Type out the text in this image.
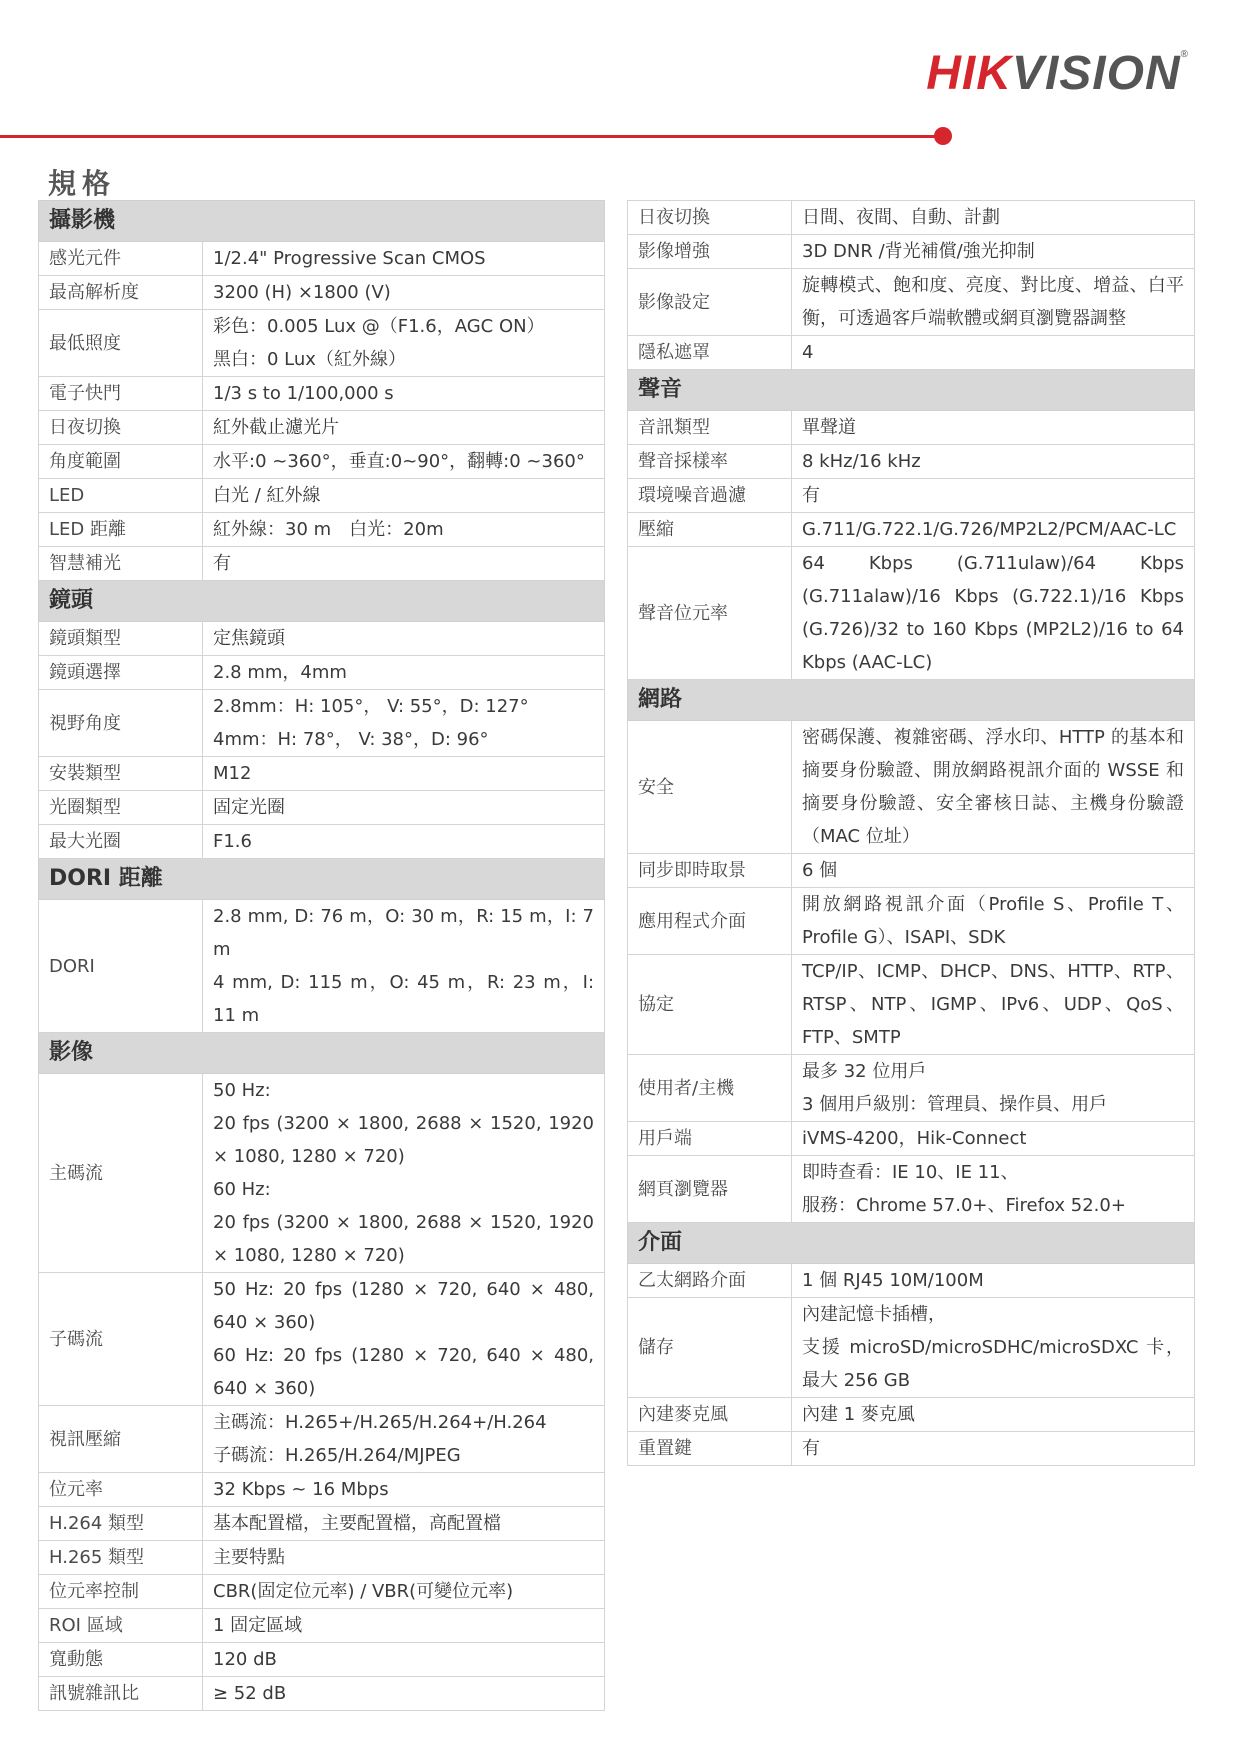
HIKVISION®
規格
攝影機	
感光元件	1/2.4" Progressive Scan CMOS

最高解析度	3200 (H) ×1800 (V)

最低照度	彩色：0.005 Lux @（F1.6，AGC ON）
黑白：0 Lux（紅外線）

電子快門	1/3 s to 1/100,000 s

日夜切換	紅外截止濾光片

角度範圍	水平:0 ~360°，垂直:0~90°，翻轉:0 ~360°

LED	白光 / 紅外線

LED 距離	紅外線：30 m　白光：20m

智慧補光	有

鏡頭	
鏡頭類型	定焦鏡頭

鏡頭選擇	2.8 mm，4mm

視野角度	2.8mm：H: 105°， V: 55°，D: 127°
4mm：H: 78°， V: 38°，D: 96°

安裝類型	M12

光圈類型	固定光圈

最大光圈	F1.6

DORI 距離	
DORI	2.8 mm, D: 76 m，O: 30 m，R: 15 m，I: 7 m
4 mm, D: 115 m，O: 45 m，R: 23 m，I: 11 m

影像	
主碼流	50 Hz:
20 fps (3200 × 1800, 2688 × 1520, 1920 × 1080, 1280 × 720)
60 Hz:
20 fps (3200 × 1800, 2688 × 1520, 1920 × 1080, 1280 × 720)

子碼流	50 Hz: 20 fps (1280 × 720, 640 × 480, 640 × 360)
60 Hz: 20 fps (1280 × 720, 640 × 480, 640 × 360)

視訊壓縮	主碼流：H.265+/H.265/H.264+/H.264
子碼流：H.265/H.264/MJPEG

位元率	32 Kbps ~ 16 Mbps

H.264 類型	基本配置檔，主要配置檔，高配置檔

H.265 類型	主要特點

位元率控制	CBR(固定位元率) / VBR(可變位元率)

ROI 區域	1 固定區域

寬動態	120 dB

訊號雜訊比	≥ 52 dB
日夜切換	日間、夜間、自動、計劃

影像增強	3D DNR /背光補償/強光抑制

影像設定	旋轉模式、飽和度、亮度、對比度、增益、白平衡，可透過客戶端軟體或網頁瀏覽器調整

隱私遮罩	4

聲音	
音訊類型	單聲道

聲音採樣率	8 kHz/16 kHz

環境噪音過濾	有

壓縮	G.711/G.722.1/G.726/MP2L2/PCM/AAC-LC

聲音位元率	64 Kbps (G.711ulaw)/64 Kbps (G.711alaw)/16 Kbps (G.722.1)/16 Kbps (G.726)/32 to 160 Kbps (MP2L2)/16 to 64 Kbps (AAC-LC)

網路	
安全	密碼保護、複雜密碼、浮水印、HTTP 的基本和摘要身份驗證、開放網路視訊介面的 WSSE 和摘要身份驗證、安全審核日誌、主機身份驗證（MAC 位址）

同步即時取景	6 個

應用程式介面	開放網路視訊介面（Profile S、Profile T、Profile G）、ISAPI、SDK

協定	TCP/IP、ICMP、DHCP、DNS、HTTP、RTP、RTSP、NTP、IGMP、IPv6、UDP、QoS、FTP、SMTP

使用者/主機	最多 32 位用戶
3 個用戶級別：管理員、操作員、用戶

用戶端	iVMS-4200，Hik-Connect

網頁瀏覽器	即時查看：IE 10、IE 11、
服務：Chrome 57.0+、Firefox 52.0+

介面	
乙太網路介面	1 個 RJ45 10M/100M

儲存	內建記憶卡插槽，
支援 microSD/microSDHC/microSDXC 卡，最大 256 GB

內建麥克風	內建 1 麥克風

重置鍵	有
